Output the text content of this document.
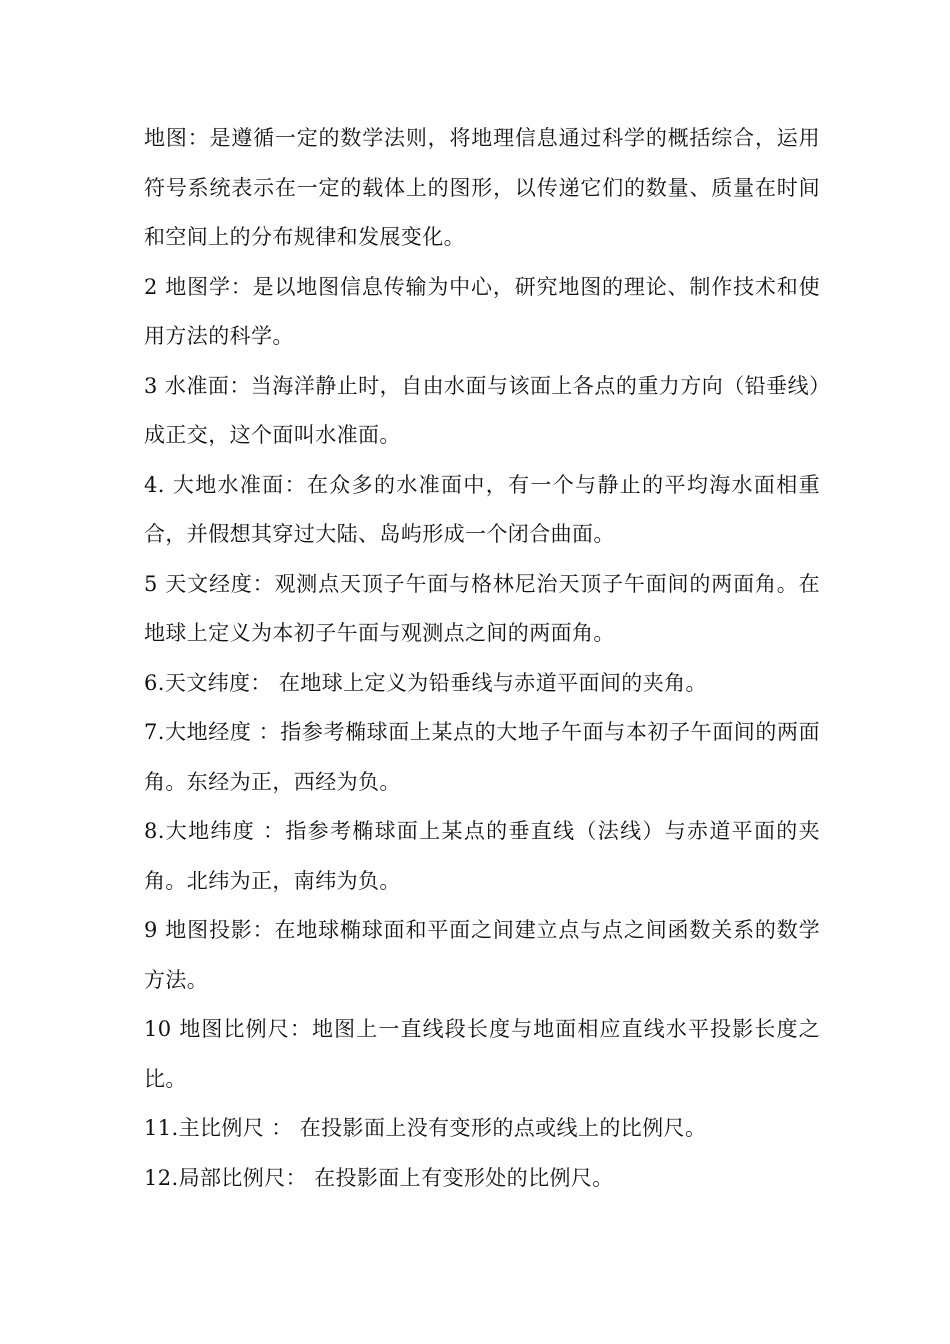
地图：是遵循一定的数学法则，将地理信息通过科学的概括综合，运用符号系统表示在一定的载体上的图形，以传递它们的数量、质量在时间和空间上的分布规律和发展变化。
2 地图学：是以地图信息传输为中心，研究地图的理论、制作技术和使用方法的科学。
3 水准面：当海洋静止时，自由水面与该面上各点的重力方向（铅垂线）成正交，这个面叫水准面。
4. 大地水准面：在众多的水准面中，有一个与静止的平均海水面相重合，并假想其穿过大陆、岛屿形成一个闭合曲面。
5 天文经度：观测点天顶子午面与格林尼治天顶子午面间的两面角。在地球上定义为本初子午面与观测点之间的两面角。
6.天文纬度： 在地球上定义为铅垂线与赤道平面间的夹角。
7.大地经度 ：指参考椭球面上某点的大地子午面与本初子午面间的两面角。东经为正，西经为负。
8.大地纬度 ：指参考椭球面上某点的垂直线（法线）与赤道平面的夹角。北纬为正，南纬为负。
9 地图投影：在地球椭球面和平面之间建立点与点之间函数关系的数学方法。
10 地图比例尺：地图上一直线段长度与地面相应直线水平投影长度之比。
11.主比例尺 ： 在投影面上没有变形的点或线上的比例尺。
12.局部比例尺： 在投影面上有变形处的比例尺。
